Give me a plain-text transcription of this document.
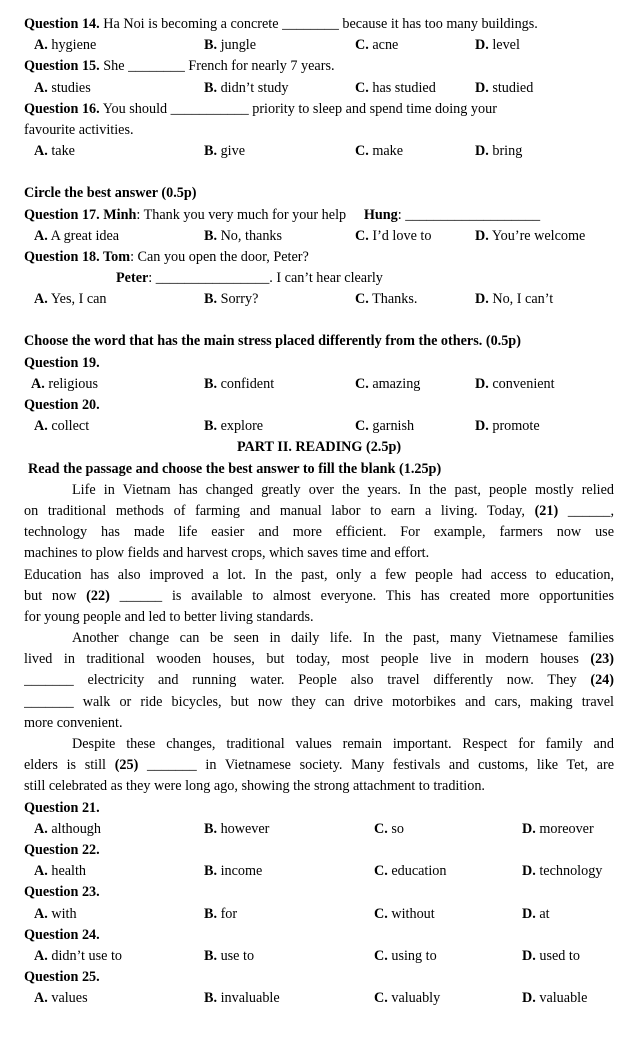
Question 14. Ha Noi is becoming a concrete ________ because it has too many buildings.
A. hygiene	B. jungle	C. acne	D. level
Question 15. She ________ French for nearly 7 years.
A. studies	B. didn’t study	C. has studied	D. studied
Question 16. You should ___________ priority to sleep and spend time doing your
favourite activities.
A. take	B. give	C. make	D. bring
Circle the best answer (0.5p)
Question 17. Minh: Thank you very much for your help Hung: ___________________
A. A great idea	B. No, thanks	C. I’d love to	D. You’re welcome
Question 18. Tom: Can you open the door, Peter?
Peter: ________________. I can’t hear clearly
A. Yes, I can	B. Sorry?	C. Thanks.	D. No, I can’t
Choose the word that has the main stress placed differently from the others. (0.5p)
Question 19.
A. religious	B. confident	C. amazing	D. convenient
Question 20.
A. collect	B. explore	C. garnish	D. promote
PART II. READING (2.5p)
Read the passage and choose the best answer to fill the blank (1.25p)
Life in Vietnam has changed greatly over the years. In the past, people mostly relied
on traditional methods of farming and manual labor to earn a living. Today, (21) ______,
technology has made life easier and more efficient. For example, farmers now use
machines to plow fields and harvest crops, which saves time and effort.
Education has also improved a lot. In the past, only a few people had access to education,
but now (22) ______ is available to almost everyone. This has created more opportunities
for young people and led to better living standards.
Another change can be seen in daily life. In the past, many Vietnamese families
lived in traditional wooden houses, but today, most people live in modern houses (23)
_______ electricity and running water. People also travel differently now. They (24)
_______ walk or ride bicycles, but now they can drive motorbikes and cars, making travel
more convenient.
Despite these changes, traditional values remain important. Respect for family and
elders is still (25) _______ in Vietnamese society. Many festivals and customs, like Tet, are
still celebrated as they were long ago, showing the strong attachment to tradition.
Question 21.
A. although	B. however	C. so	D. moreover
Question 22.
A. health	B. income	C. education	D. technology
Question 23.
A. with	B. for	C. without	D. at
Question 24.
A. didn’t use to	B. use to	C. using to	D. used to
Question 25.
A. values	B. invaluable	C. valuably	D. valuable
